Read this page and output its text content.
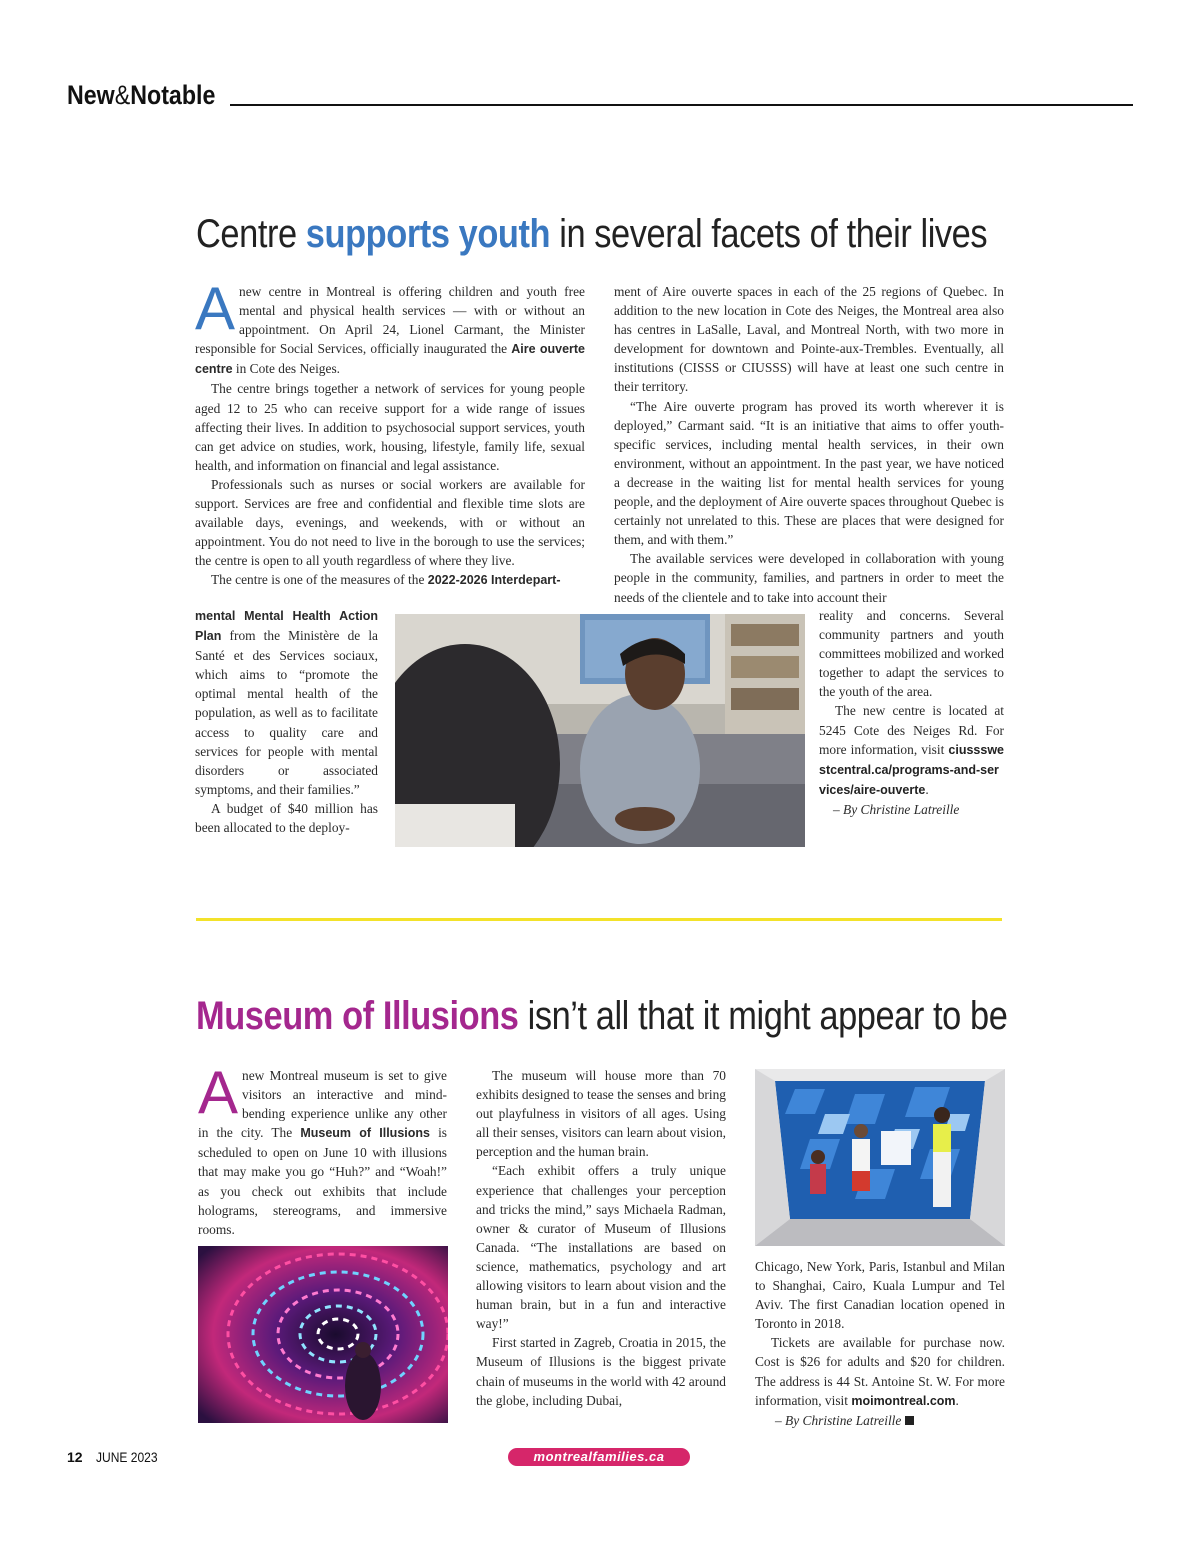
New&Notable
Centre supports youth in several facets of their lives

Anew centre in Montreal is offering children and youth free mental and physical health services — with or without an appointment. On April 24, Lionel Carmant, the Minister responsible for Social Services, officially inaugurated the Aire ouverte centre in Cote des Neiges.

The centre brings together a network of services for young people aged 12 to 25 who can receive support for a wide range of issues affecting their lives. In addition to psychosocial support services, youth can get advice on studies, work, housing, lifestyle, family life, sexual health, and information on financial and legal assistance.

Professionals such as nurses or social workers are available for support. Services are free and confidential and flexible time slots are available days, evenings, and weekends, with or without an appointment. You do not need to live in the borough to use the services; the centre is open to all youth regardless of where they live.

The centre is one of the measures of the 2022-2026 Interdepart-

mental Mental Health Action Plan from the Ministère de la Santé et des Services sociaux, which aims to “promote the optimal mental health of the population, as well as to facilitate access to quality care and services for people with mental disorders or associated symptoms, and their families.”

A budget of $40 million has been allocated to the deploy-

ment of Aire ouverte spaces in each of the 25 regions of Quebec. In addition to the new location in Cote des Neiges, the Montreal area also has centres in LaSalle, Laval, and Montreal North, with two more in development for downtown and Pointe-aux-Trembles. Eventually, all institutions (CISSS or CIUSSS) will have at least one such centre in their territory.

“The Aire ouverte program has proved its worth wherever it is deployed,” Carmant said. “It is an initiative that aims to offer youth-specific services, including mental health services, in their own environment, without an appointment. In the past year, we have noticed a decrease in the waiting list for mental health services for young people, and the deployment of Aire ouverte spaces throughout Quebec is certainly not unrelated to this. These are places that were designed for them, and with them.”

The available services were developed in collaboration with young people in the community, families, and partners in order to meet the needs of the clientele and to take into account their

reality and concerns. Several community partners and youth committees mobilized and worked together to adapt the services to the youth of the area.

The new centre is located at 5245 Cote des Neiges Rd. For more information, visit ciussswestcentral.ca/programs-and-services/aire-ouverte.

– By Christine Latreille

Museum of Illusions isn’t all that it might appear to be

Anew Montreal museum is set to give visitors an interactive and mind-bending experience unlike any other in the city. The Museum of Illusions is scheduled to open on June 10 with illusions that may make you go “Huh?” and “Woah!” as you check out exhibits that include holograms, stereograms, and immersive rooms.

The museum will house more than 70 exhibits designed to tease the senses and bring out playfulness in visitors of all ages. Using all their senses, visitors can learn about vision, perception and the human brain.

“Each exhibit offers a truly unique experience that challenges your perception and tricks the mind,” says Michaela Radman, owner & curator of Museum of Illusions Canada. “The installations are based on science, mathematics, psychology and art allowing visitors to learn about vision and the human brain, but in a fun and interactive way!”

First started in Zagreb, Croatia in 2015, the Museum of Illusions is the biggest private chain of museums in the world with 42 around the globe, including Dubai,

Chicago, New York, Paris, Istanbul and Milan to Shanghai, Cairo, Kuala Lumpur and Tel Aviv. The first Canadian location opened in Toronto in 2018.

Tickets are available for purchase now. Cost is $26 for adults and $20 for children. The address is 44 St. Antoine St. W. For more information, visit moimontreal.com.

– By Christine Latreille

12 JUNE 2023	montrealfamilies.ca
